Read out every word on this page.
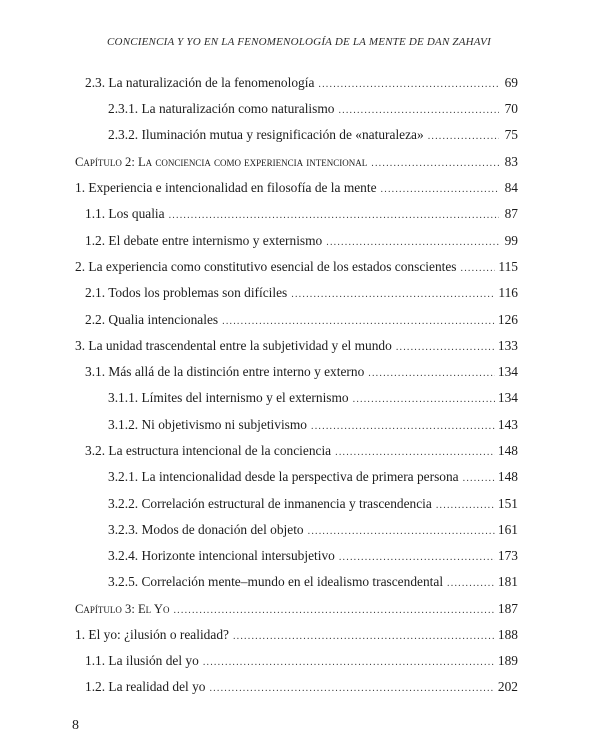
CONCIENCIA Y YO EN LA FENOMENOLOGÍA DE LA MENTE DE DAN ZAHAVI
2.3. La naturalización de la fenomenología .....	69
2.3.1. La naturalización como naturalismo .....	70
2.3.2. Iluminación mutua y resignificación de «naturaleza» .....	75
Capítulo 2: La conciencia como experiencia intencional .....	83
1. Experiencia e intencionalidad en filosofía de la mente .....	84
1.1. Los qualia .....	87
1.2. El debate entre internismo y externismo .....	99
2. La experiencia como constitutivo esencial de los estados conscientes .....	115
2.1. Todos los problemas son difíciles .....	116
2.2. Qualia intencionales .....	126
3. La unidad trascendental entre la subjetividad y el mundo .....	133
3.1. Más allá de la distinción entre interno y externo .....	134
3.1.1. Límites del internismo y el externismo .....	134
3.1.2. Ni objetivismo ni subjetivismo .....	143
3.2. La estructura intencional de la conciencia .....	148
3.2.1. La intencionalidad desde la perspectiva de primera persona .....	148
3.2.2. Correlación estructural de inmanencia y trascendencia .....	151
3.2.3. Modos de donación del objeto .....	161
3.2.4. Horizonte intencional intersubjetivo .....	173
3.2.5. Correlación mente–mundo en el idealismo trascendental .....	181
Capítulo 3: El Yo .....	187
1. El yo: ¿ilusión o realidad? .....	188
1.1. La ilusión del yo .....	189
1.2. La realidad del yo .....	202
8
